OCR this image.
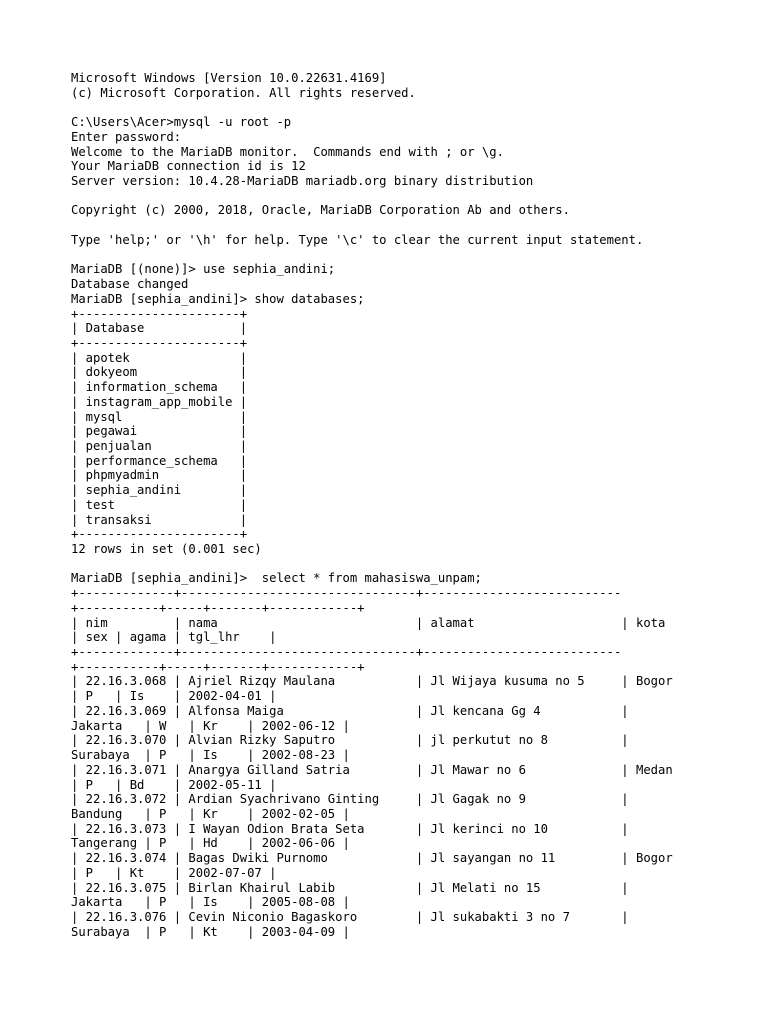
Microsoft Windows [Version 10.0.22631.4169]
(c) Microsoft Corporation. All rights reserved.
C:\Users\Acer>mysql -u root -p
Enter password:
Welcome to the MariaDB monitor.  Commands end with ; or \g.
Your MariaDB connection id is 12
Server version: 10.4.28-MariaDB mariadb.org binary distribution
Copyright (c) 2000, 2018, Oracle, MariaDB Corporation Ab and others.
Type 'help;' or '\h' for help. Type '\c' to clear the current input statement.
MariaDB [(none)]> use sephia_andini;
Database changed
MariaDB [sephia_andini]> show databases;
+----------------------+
| Database             |
+----------------------+
| apotek               |
| dokyeom              |
| information_schema   |
| instagram_app_mobile |
| mysql                |
| pegawai              |
| penjualan            |
| performance_schema   |
| phpmyadmin           |
| sephia_andini        |
| test                 |
| transaksi            |
+----------------------+
12 rows in set (0.001 sec)
MariaDB [sephia_andini]>  select * from mahasiswa_unpam;
+-------------+--------------------------------+---------------------------
+-----------+-----+-------+------------+
| nim         | nama                           | alamat                    | kota
| sex | agama | tgl_lhr    |
+-------------+--------------------------------+---------------------------
+-----------+-----+-------+------------+
| 22.16.3.068 | Ajriel Rizqy Maulana           | Jl Wijaya kusuma no 5     | Bogor
| P   | Is    | 2002-04-01 |
| 22.16.3.069 | Alfonsa Maiga                  | Jl kencana Gg 4           |
Jakarta   | W   | Kr    | 2002-06-12 |
| 22.16.3.070 | Alvian Rizky Saputro           | jl perkutut no 8          |
Surabaya  | P   | Is    | 2002-08-23 |
| 22.16.3.071 | Anargya Gilland Satria         | Jl Mawar no 6             | Medan
| P   | Bd    | 2002-05-11 |
| 22.16.3.072 | Ardian Syachrivano Ginting     | Jl Gagak no 9             |
Bandung   | P   | Kr    | 2002-02-05 |
| 22.16.3.073 | I Wayan Odion Brata Seta       | Jl kerinci no 10          |
Tangerang | P   | Hd    | 2002-06-06 |
| 22.16.3.074 | Bagas Dwiki Purnomo            | Jl sayangan no 11         | Bogor
| P   | Kt    | 2002-07-07 |
| 22.16.3.075 | Birlan Khairul Labib           | Jl Melati no 15           |
Jakarta   | P   | Is    | 2005-08-08 |
| 22.16.3.076 | Cevin Niconio Bagaskoro        | Jl sukabakti 3 no 7       |
Surabaya  | P   | Kt    | 2003-04-09 |
